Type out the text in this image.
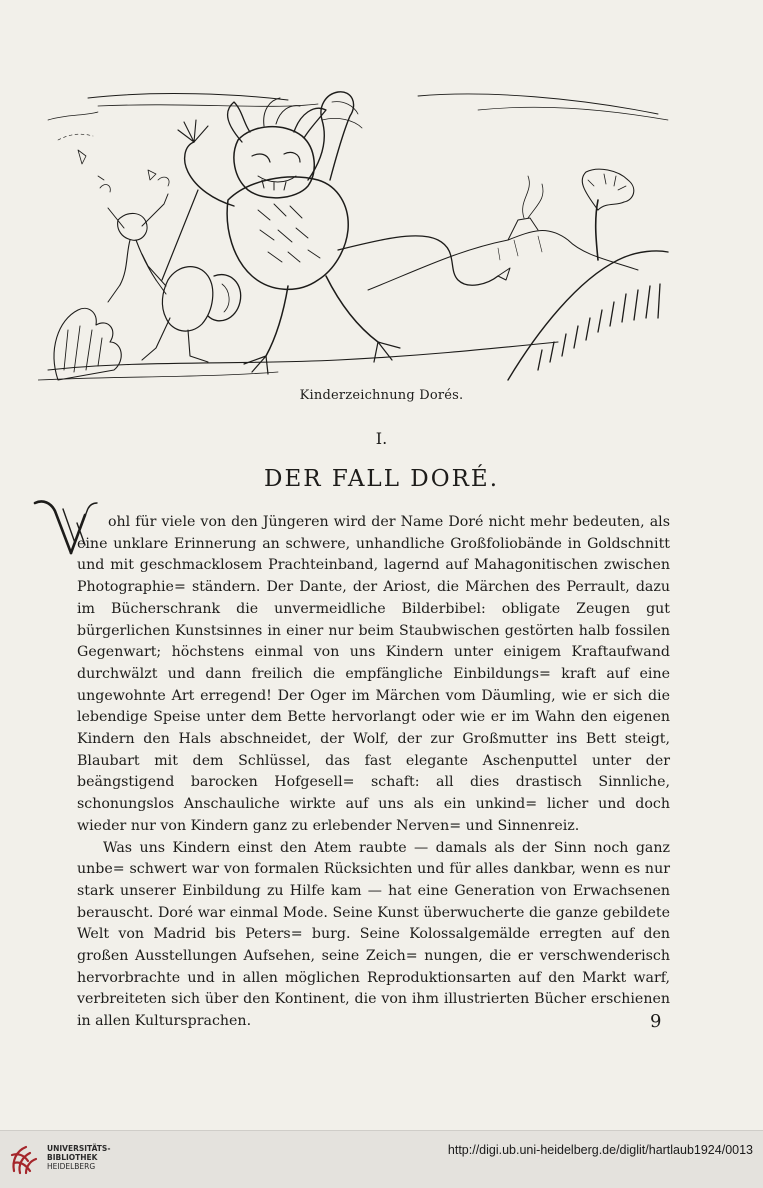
Kinderzeichnung Dorés.
I.
DER FALL DORÉ.

ohl für viele von den Jüngeren wird der Name Doré nicht mehr bedeuten, als eine unklare Erinnerung an schwere, unhandliche Großfoliobände in Goldschnitt und mit geschmacklosem Prachteinband, lagernd auf Mahagonitischen zwischen Photographie= ständern. Der Dante, der Ariost, die Märchen des Perrault, dazu im Bücherschrank die unvermeidliche Bilderbibel: obligate Zeugen gut bürgerlichen Kunstsinnes in einer nur beim Staubwischen gestörten halb fossilen Gegenwart; höchstens einmal von uns Kindern unter einigem Kraftaufwand durchwälzt und dann freilich die empfängliche Einbildungs= kraft auf eine ungewohnte Art erregend! Der Oger im Märchen vom Däumling, wie er sich die lebendige Speise unter dem Bette hervorlangt oder wie er im Wahn den eigenen Kindern den Hals abschneidet, der Wolf, der zur Großmutter ins Bett steigt, Blaubart mit dem Schlüssel, das fast elegante Aschenputtel unter der beängstigend barocken Hofgesell= schaft: all dies drastisch Sinnliche, schonungslos Anschauliche wirkte auf uns als ein unkind= licher und doch wieder nur von Kindern ganz zu erlebender Nerven= und Sinnenreiz.

Was uns Kindern einst den Atem raubte — damals als der Sinn noch ganz unbe= schwert war von formalen Rücksichten und für alles dankbar, wenn es nur stark unserer Einbildung zu Hilfe kam — hat eine Generation von Erwachsenen berauscht. Doré war einmal Mode. Seine Kunst überwucherte die ganze gebildete Welt von Madrid bis Peters= burg. Seine Kolossalgemälde erregten auf den großen Ausstellungen Aufsehen, seine Zeich= nungen, die er verschwenderisch hervorbrachte und in allen möglichen Reproduktionsarten auf den Markt warf, verbreiteten sich über den Kontinent, die von ihm illustrierten Bücher erschienen in allen Kultursprachen.	9
UNIVERSITÄTS-
BIBLIOTHEK
HEIDELBERG
http://digi.ub.uni-heidelberg.de/diglit/hartlaub1924/0013
